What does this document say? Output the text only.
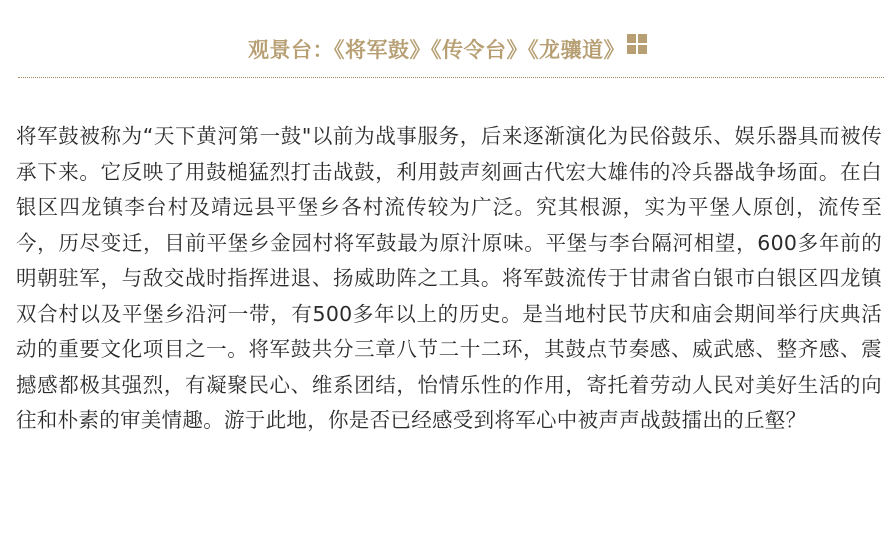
观景台：《将军鼓》《传令台》《龙骧道》

将军鼓被称为“天下黄河第一鼓"以前为战事服务，后来逐渐演化为民俗鼓乐、娱乐器具而被传承下来。它反映了用鼓槌猛烈打击战鼓，利用鼓声刻画古代宏大雄伟的冷兵器战争场面。在白银区四龙镇李台村及靖远县平堡乡各村流传较为广泛。究其根源，实为平堡人原创，流传至今，历尽变迁，目前平堡乡金园村将军鼓最为原汁原味。平堡与李台隔河相望，600多年前的明朝驻军，与敌交战时指挥进退、扬威助阵之工具。将军鼓流传于甘肃省白银市白银区四龙镇双合村以及平堡乡沿河一带，有500多年以上的历史。是当地村民节庆和庙会期间举行庆典活动的重要文化项目之一。将军鼓共分三章八节二十二环，其鼓点节奏感、威武感、整齐感、震撼感都极其强烈，有凝聚民心、维系团结，怡情乐性的作用，寄托着劳动人民对美好生活的向往和朴素的审美情趣。游于此地，你是否已经感受到将军心中被声声战鼓擂出的丘壑？
